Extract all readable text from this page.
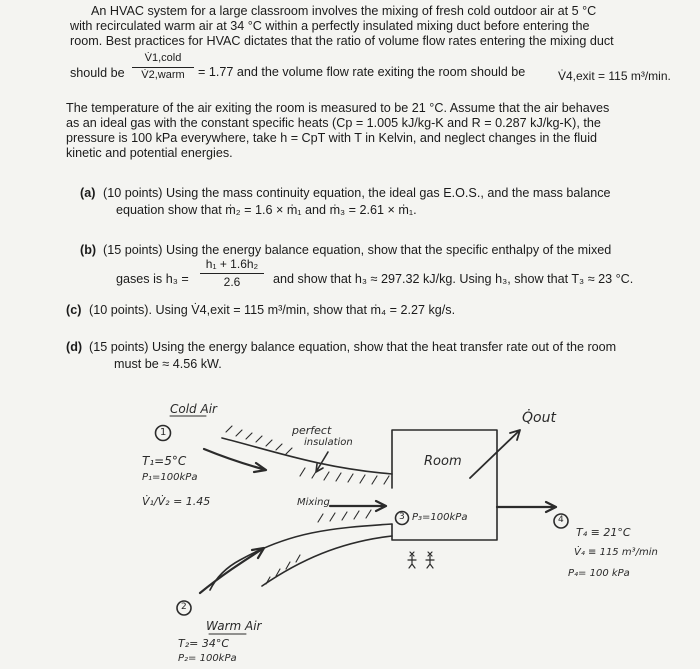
An HVAC system for a large classroom involves the mixing of fresh cold outdoor air at 5 °C
with recirculated warm air at 34 °C within a perfectly insulated mixing duct before entering the
room. Best practices for HVAC dictates that the ratio of volume flow rates entering the mixing duct
should be
V̇1,cold
V̇2,warm	= 1.77 and the volume flow rate exiting the room should be	V̇4,exit = 115 m³/min.
The temperature of the air exiting the room is measured to be 21 °C. Assume that the air behaves
as an ideal gas with the constant specific heats (Cp = 1.005 kJ/kg-K and R = 0.287 kJ/kg-K), the
pressure is 100 kPa everywhere, take h = CpT with T in Kelvin, and neglect changes in the fluid
kinetic and potential energies.
(a) (10 points) Using the mass continuity equation, the ideal gas E.O.S., and the mass balance
equation show that ṁ₂ = 1.6 × ṁ₁ and ṁ₃ = 2.61 × ṁ₁.
(b) (15 points) Using the energy balance equation, show that the specific enthalpy of the mixed
gases is h₃ =
h₁ + 1.6h₂
2.6	and show that h₃ ≈ 297.32 kJ/kg. Using h₃, show that T₃ ≈ 23 °C.
(c) (10 points). Using V̇4,exit = 115 m³/min, show that ṁ₄ = 2.27 kg/s.
(d) (15 points) Using the energy balance equation, show that the heat transfer rate out of the room
must be ≈ 4.56 kW.
Cold Air
1
T₁=5°C
P₁=100kPa
V̇₁/V̇₂ = 1.45
perfect
insulation
Room
Mixing
3 P₃=100kPa
Q̇out
4
T₄ ≡ 21°C
V̇₄ ≡ 115 m³/min
P₄= 100 kPa
2
Warm Air
T₂= 34°C
P₂= 100kPa
